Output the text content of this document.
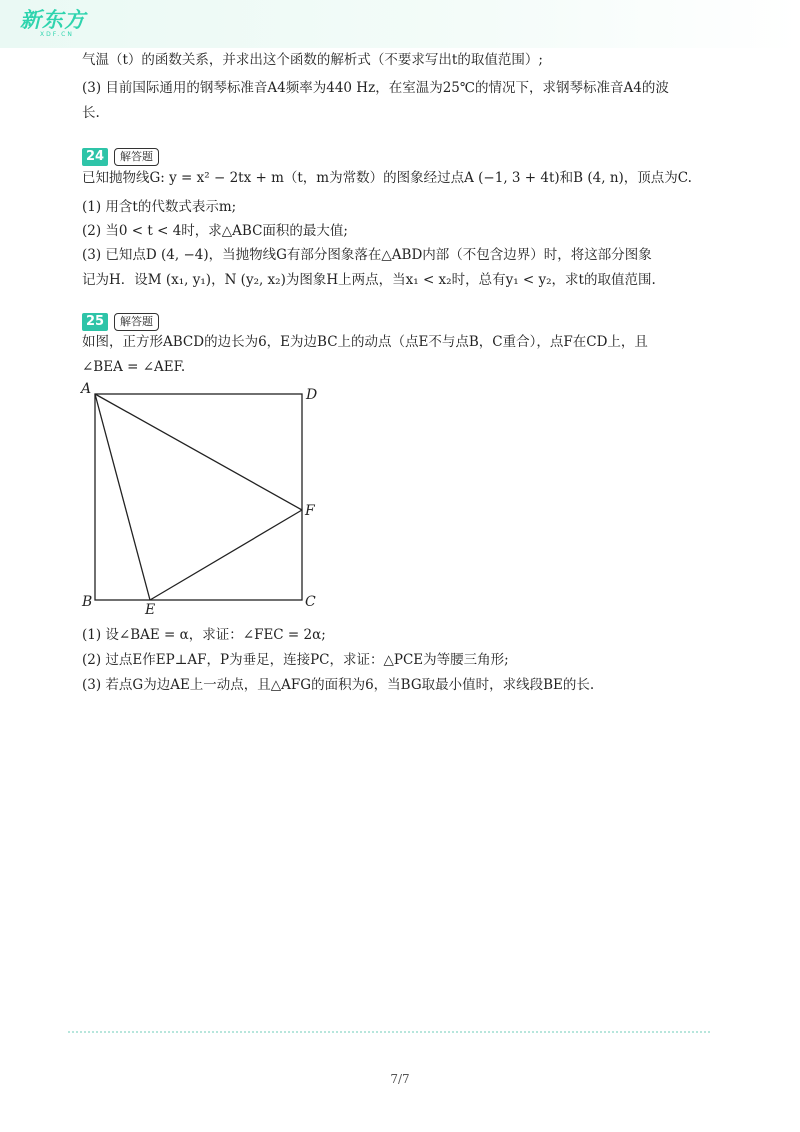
新东方
XDF.CN
气温（t）的函数关系，并求出这个函数的解析式（不要求写出t的取值范围）;
(3) 目前国际通用的钢琴标准音A4频率为440 Hz，在室温为25℃的情况下，求钢琴标准音A4的波
长.
24	解答题
已知抛物线G: y = x² − 2tx + m（t，m为常数）的图象经过点A (−1, 3 + 4t)和B (4, n)，顶点为C.
(1) 用含t的代数式表示m;
(2) 当0 < t < 4时，求△ABC面积的最大值;
(3) 已知点D (4, −4)，当抛物线G有部分图象落在△ABD内部（不包含边界）时，将这部分图象
记为H．设M (x₁, y₁)，N (y₂, x₂)为图象H上两点，当x₁ < x₂时，总有y₁ < y₂，求t的取值范围.
25	解答题
如图，正方形ABCD的边长为6，E为边BC上的动点（点E不与点B，C重合），点F在CD上，且
∠BEA = ∠AEF.
(1) 设∠BAE = α，求证：∠FEC = 2α;
(2) 过点E作EP⊥AF，P为垂足，连接PC，求证：△PCE为等腰三角形;
(3) 若点G为边AE上一动点，且△AFG的面积为6，当BG取最小值时，求线段BE的长.
A	D
F
B	C
E
7/7
